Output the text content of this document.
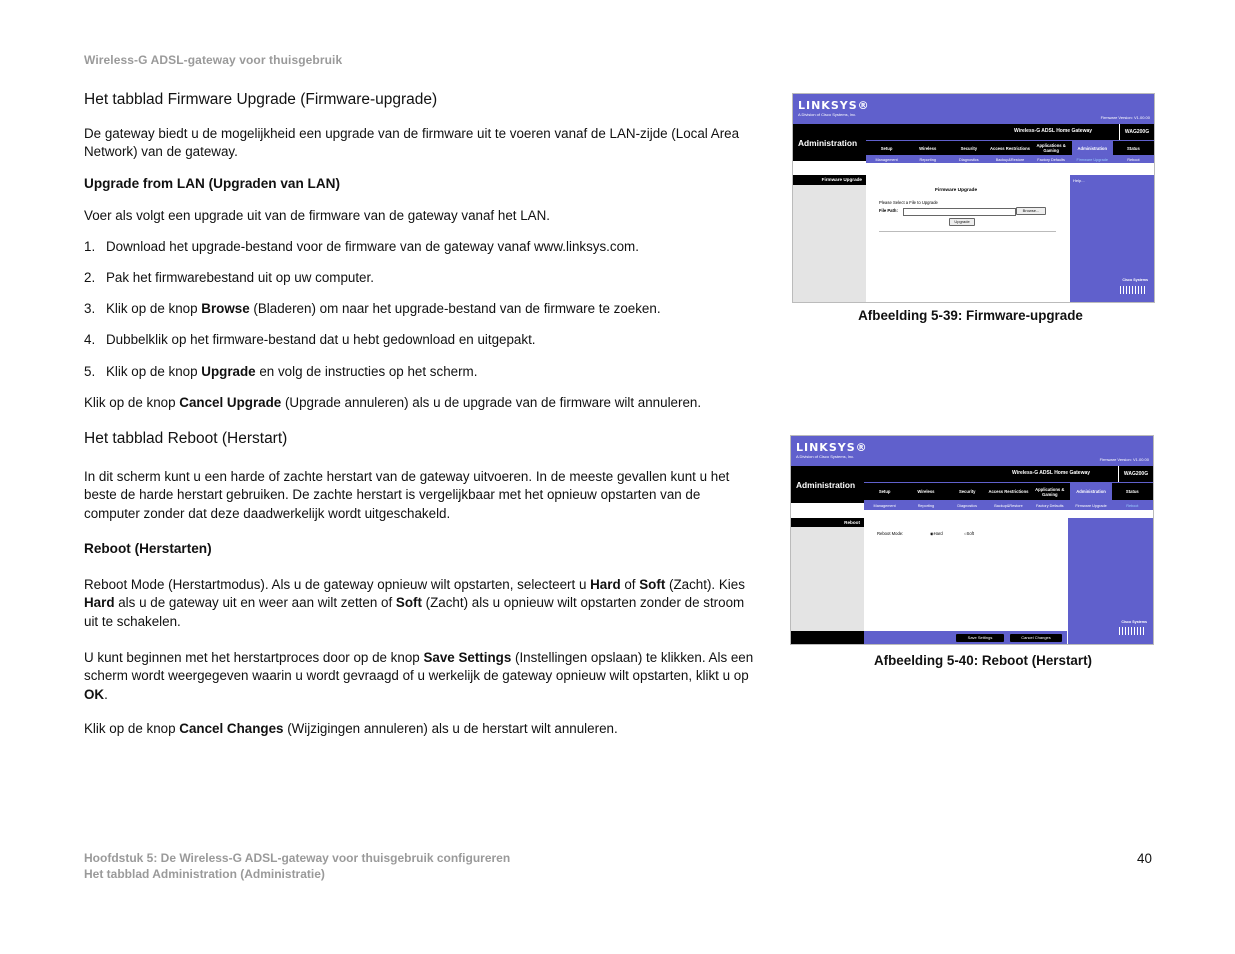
Wireless-G ADSL-gateway voor thuisgebruik
Het tabblad Firmware Upgrade (Firmware-upgrade)

De gateway biedt u de mogelijkheid een upgrade van de firmware uit te voeren vanaf de LAN-zijde (Local Area Network) van de gateway.

Upgrade from LAN (Upgraden van LAN)
Voer als volgt een upgrade uit van de firmware van de gateway vanaf het LAN.
1. Download het upgrade-bestand voor de firmware van de gateway vanaf www.linksys.com.
2. Pak het firmwarebestand uit op uw computer.
3. Klik op de knop Browse (Bladeren) om naar het upgrade-bestand van de firmware te zoeken.
4. Dubbelklik op het firmware-bestand dat u hebt gedownload en uitgepakt.
5. Klik op de knop Upgrade en volg de instructies op het scherm.
Klik op de knop Cancel Upgrade (Upgrade annuleren) als u de upgrade van de firmware wilt annuleren.
Het tabblad Reboot (Herstart)

In dit scherm kunt u een harde of zachte herstart van de gateway uitvoeren. In de meeste gevallen kunt u het beste de harde herstart gebruiken. De zachte herstart is vergelijkbaar met het opnieuw opstarten van de computer zonder dat deze daadwerkelijk wordt uitgeschakeld.

Reboot (Herstarten)
Reboot Mode (Herstartmodus). Als u de gateway opnieuw wilt opstarten, selecteert u Hard of Soft (Zacht). Kies Hard als u de gateway uit en weer aan wilt zetten of Soft (Zacht) als u opnieuw wilt opstarten zonder de stroom uit te schakelen.
U kunt beginnen met het herstartproces door op de knop Save Settings (Instellingen opslaan) te klikken. Als een scherm wordt weergegeven waarin u wordt gevraagd of u werkelijk de gateway opnieuw wilt opstarten, klikt u op OK.
Klik op de knop Cancel Changes (Wijzigingen annuleren) als u de herstart wilt annuleren.
LINKSYS®
A Division of Cisco Systems, Inc.
Firmware Version: V1.00.00
Administration
Wireless-G ADSL Home Gateway	WAG200G
Setup	Wireless	Security	Access Restrictions	Applications & Gaming	Administration	Status
Management	Reporting	Diagnostics	Backup&Restore	Factory Defaults	Firmware Upgrade	Reboot
Firmware Upgrade
Firmware Upgrade
Please Select a File to Upgrade
File Path:	Browse...
Upgrade
Help...
Cisco Systems
Afbeelding 5-39: Firmware-upgrade
LINKSYS®
A Division of Cisco Systems, Inc.
Firmware Version: V1.00.00
Administration
Wireless-G ADSL Home Gateway	WAG200G
Setup	Wireless	Security	Access Restrictions	Applications & Gaming	Administration	Status
Management	Reporting	Diagnostics	Backup&Restore	Factory Defaults	Firmware Upgrade	Reboot
Reboot
Reboot Mode:	◉Hard	○Soft
Save Settings	Cancel Changes
Cisco Systems
Afbeelding 5-40: Reboot (Herstart)
Hoofdstuk 5: De Wireless-G ADSL-gateway voor thuisgebruik configureren
Het tabblad Administration (Administratie)
40
